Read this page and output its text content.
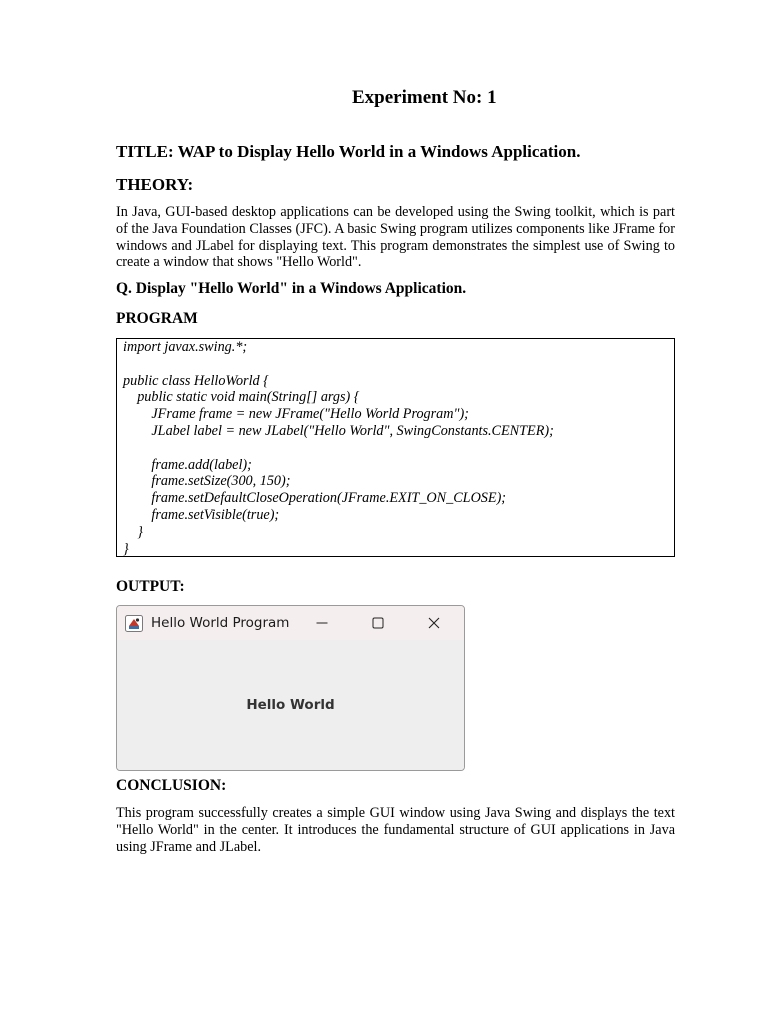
Experiment No: 1
TITLE: WAP to Display Hello World in a Windows Application.
THEORY:
In Java, GUI-based desktop applications can be developed using the Swing toolkit, which is part of the Java Foundation Classes (JFC). A basic Swing program utilizes components like JFrame for windows and JLabel for displaying text. This program demonstrates the simplest use of Swing to create a window that shows "Hello World".
Q. Display "Hello World" in a Windows Application.
PROGRAM
import javax.swing.*;
public class HelloWorld {
public static void main(String[] args) {
JFrame frame = new JFrame("Hello World Program");
JLabel label = new JLabel("Hello World", SwingConstants.CENTER);
frame.add(label);
frame.setSize(300, 150);
frame.setDefaultCloseOperation(JFrame.EXIT_ON_CLOSE);
frame.setVisible(true);
}
}
OUTPUT:
Hello World Program
Hello World
CONCLUSION:
This program successfully creates a simple GUI window using Java Swing and displays the text "Hello World" in the center. It introduces the fundamental structure of GUI applications in Java using JFrame and JLabel.
